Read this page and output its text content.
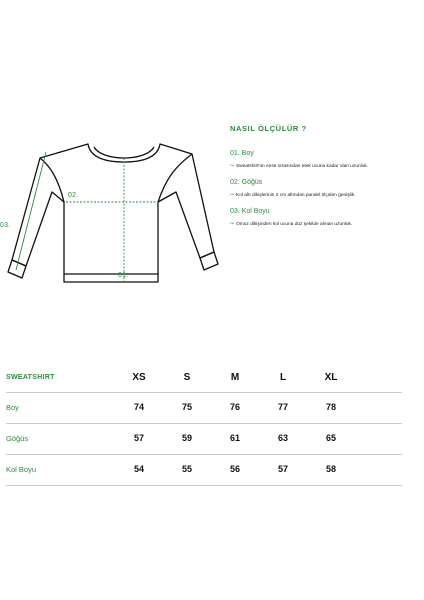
01.
02.
03.
NASIL ÖLÇÜLÜR ?
01. Boy
↪ Sweatshirt'ün ense ortasından etek ucuna kadar olan uzunluk.
02. Göğüs
↪ Kol altı dikişlerinin 2 cm altından paralel ölçülen genişlik.
03. Kol Boyu
↪ Omuz dikişinden kol ucuna düz şekilde alınan uzunluk.
SWEATSHIRT	XS	S	M	L	XL
Boy	74	75	76	77	78
Göğüs	57	59	61	63	65
Kol Boyu	54	55	56	57	58
